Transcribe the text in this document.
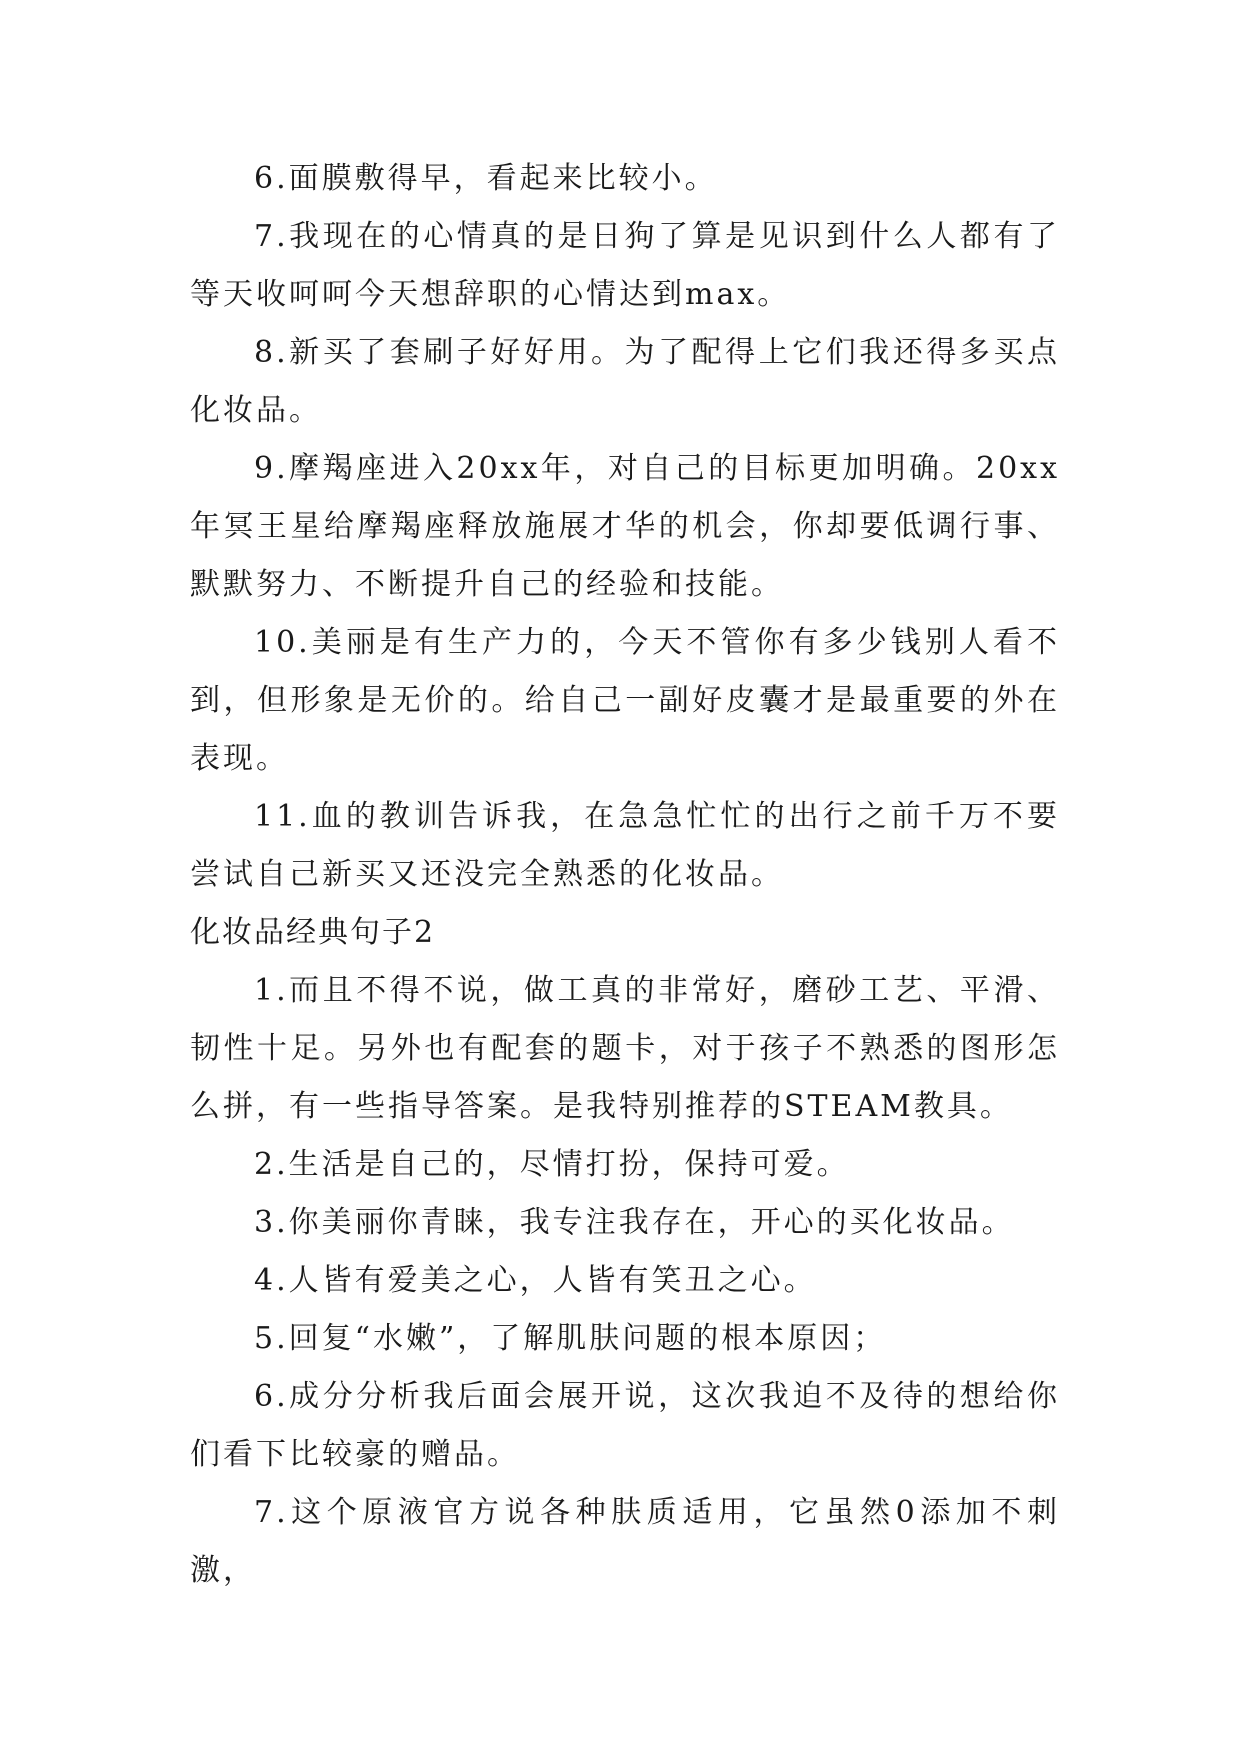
6.面膜敷得早，看起来比较小。

7.我现在的心情真的是日狗了算是见识到什么人都有了等天收呵呵今天想辞职的心情达到max。

8.新买了套刷子好好用。为了配得上它们我还得多买点化妆品。

9.摩羯座进入20xx年，对自己的目标更加明确。20xx年冥王星给摩羯座释放施展才华的机会，你却要低调行事、默默努力、不断提升自己的经验和技能。

10.美丽是有生产力的，今天不管你有多少钱别人看不到，但形象是无价的。给自己一副好皮囊才是最重要的外在表现。

11.血的教训告诉我，在急急忙忙的出行之前千万不要尝试自己新买又还没完全熟悉的化妆品。

化妆品经典句子2

1.而且不得不说，做工真的非常好，磨砂工艺、平滑、韧性十足。另外也有配套的题卡，对于孩子不熟悉的图形怎么拼，有一些指导答案。是我特别推荐的STEAM教具。

2.生活是自己的，尽情打扮，保持可爱。

3.你美丽你青睐，我专注我存在，开心的买化妆品。

4.人皆有爱美之心，人皆有笑丑之心。

5.回复“水嫩”，了解肌肤问题的根本原因；

6.成分分析我后面会展开说，这次我迫不及待的想给你们看下比较豪的赠品。

7.这个原液官方说各种肤质适用，它虽然0添加不刺激，
